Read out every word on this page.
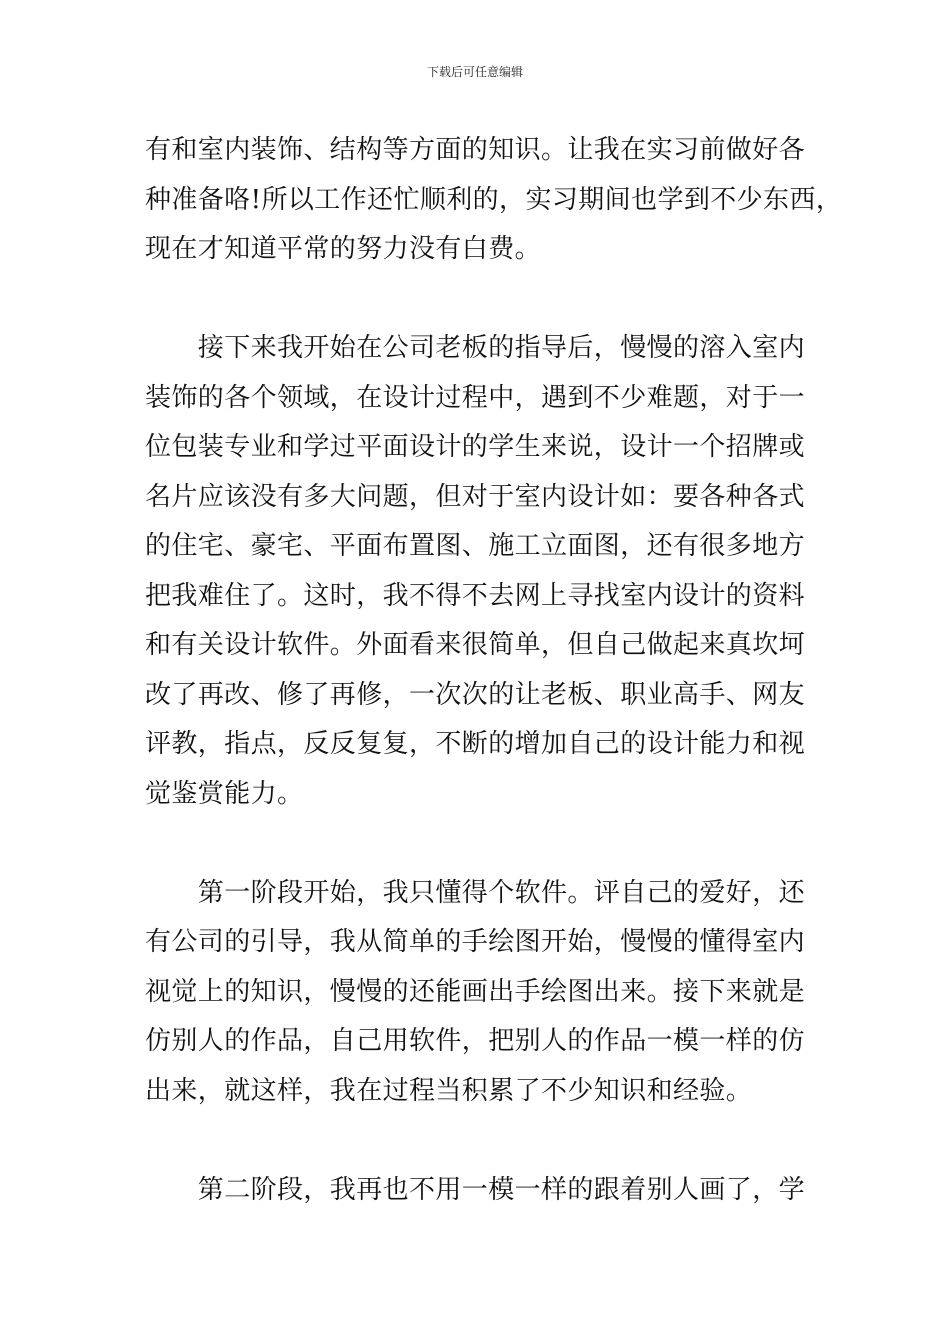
下载后可任意编辑
有和室内装饰、结构等方面的知识。让我在实习前做好各
种准备咯!所以工作还忙顺利的，实习期间也学到不少东西，
现在才知道平常的努力没有白费。
　　接下来我开始在公司老板的指导后，慢慢的溶入室内
装饰的各个领域，在设计过程中，遇到不少难题，对于一
位包装专业和学过平面设计的学生来说，设计一个招牌或
名片应该没有多大问题，但对于室内设计如：要各种各式
的住宅、豪宅、平面布置图、施工立面图，还有很多地方
把我难住了。这时，我不得不去网上寻找室内设计的资料
和有关设计软件。外面看来很简单，但自己做起来真坎坷
改了再改、修了再修，一次次的让老板、职业高手、网友
评教，指点，反反复复，不断的增加自己的设计能力和视
觉鉴赏能力。
　　第一阶段开始，我只懂得个软件。评自己的爱好，还
有公司的引导，我从简单的手绘图开始，慢慢的懂得室内
视觉上的知识，慢慢的还能画出手绘图出来。接下来就是
仿别人的作品，自己用软件，把别人的作品一模一样的仿
出来，就这样，我在过程当积累了不少知识和经验。
　　第二阶段，我再也不用一模一样的跟着别人画了，学
